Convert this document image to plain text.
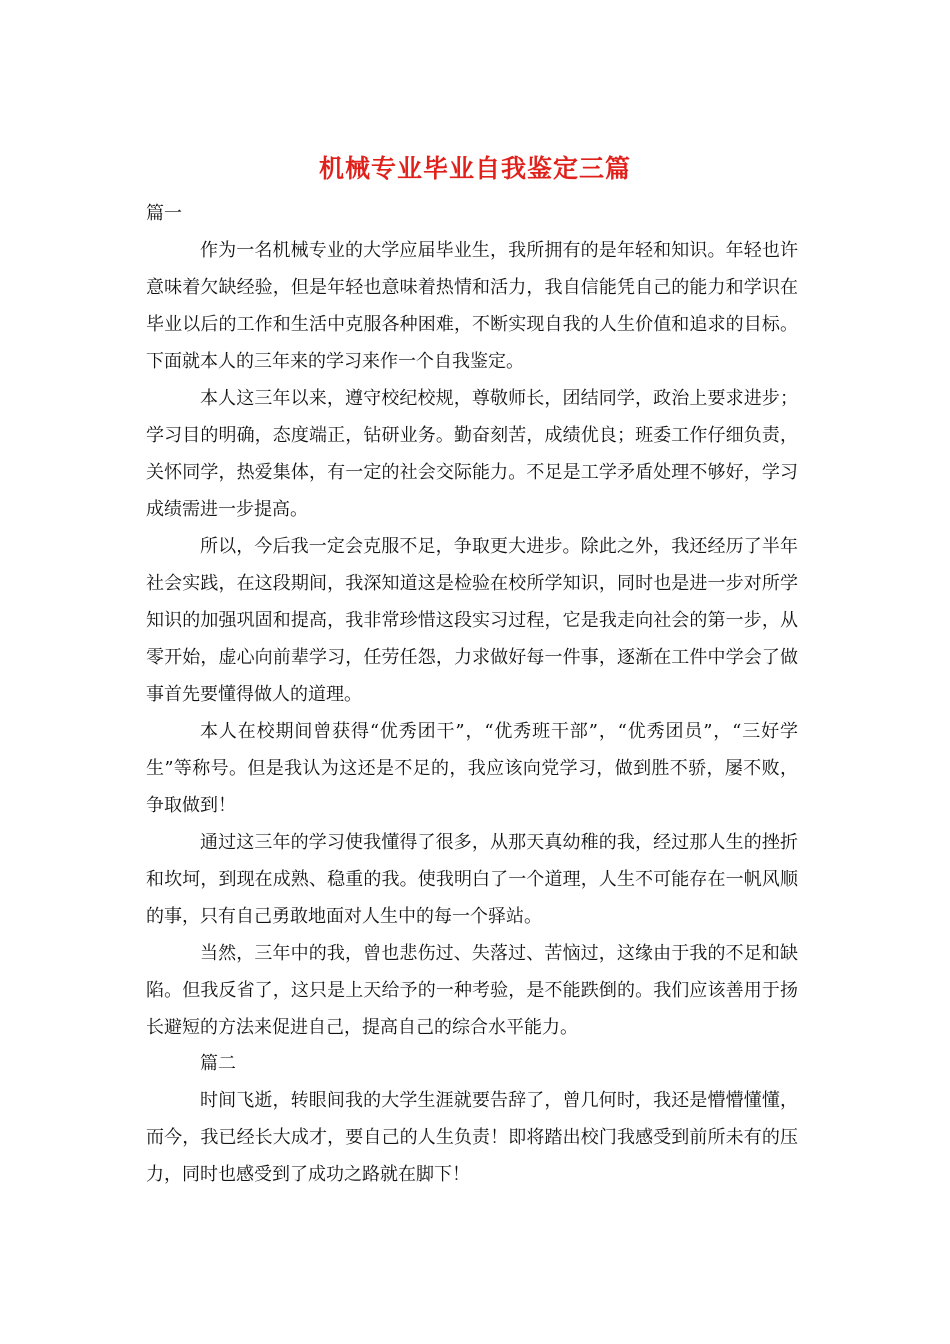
机械专业毕业自我鉴定三篇

篇一

作为一名机械专业的大学应届毕业生，我所拥有的是年轻和知识。年轻也许意味着欠缺经验，但是年轻也意味着热情和活力，我自信能凭自己的能力和学识在毕业以后的工作和生活中克服各种困难，不断实现自我的人生价值和追求的目标。下面就本人的三年来的学习来作一个自我鉴定。

本人这三年以来，遵守校纪校规，尊敬师长，团结同学，政治上要求进步；学习目的明确，态度端正，钻研业务。勤奋刻苦，成绩优良；班委工作仔细负责，关怀同学，热爱集体，有一定的社会交际能力。不足是工学矛盾处理不够好，学习成绩需进一步提高。

所以，今后我一定会克服不足，争取更大进步。除此之外，我还经历了半年社会实践，在这段期间，我深知道这是检验在校所学知识，同时也是进一步对所学知识的加强巩固和提高，我非常珍惜这段实习过程，它是我走向社会的第一步，从零开始，虚心向前辈学习，任劳任怨，力求做好每一件事，逐渐在工件中学会了做事首先要懂得做人的道理。

本人在校期间曾获得“优秀团干”，“优秀班干部”，“优秀团员”，“三好学生”等称号。但是我认为这还是不足的，我应该向党学习，做到胜不骄，屡不败，争取做到！

通过这三年的学习使我懂得了很多，从那天真幼稚的我，经过那人生的挫折和坎坷，到现在成熟、稳重的我。使我明白了一个道理，人生不可能存在一帆风顺的事，只有自己勇敢地面对人生中的每一个驿站。

当然，三年中的我，曾也悲伤过、失落过、苦恼过，这缘由于我的不足和缺陷。但我反省了，这只是上天给予的一种考验，是不能跌倒的。我们应该善用于扬长避短的方法来促进自己，提高自己的综合水平能力。

篇二

时间飞逝，转眼间我的大学生涯就要告辞了，曾几何时，我还是懵懵懂懂，而今，我已经长大成才，要自己的人生负责！即将踏出校门我感受到前所未有的压力，同时也感受到了成功之路就在脚下！
